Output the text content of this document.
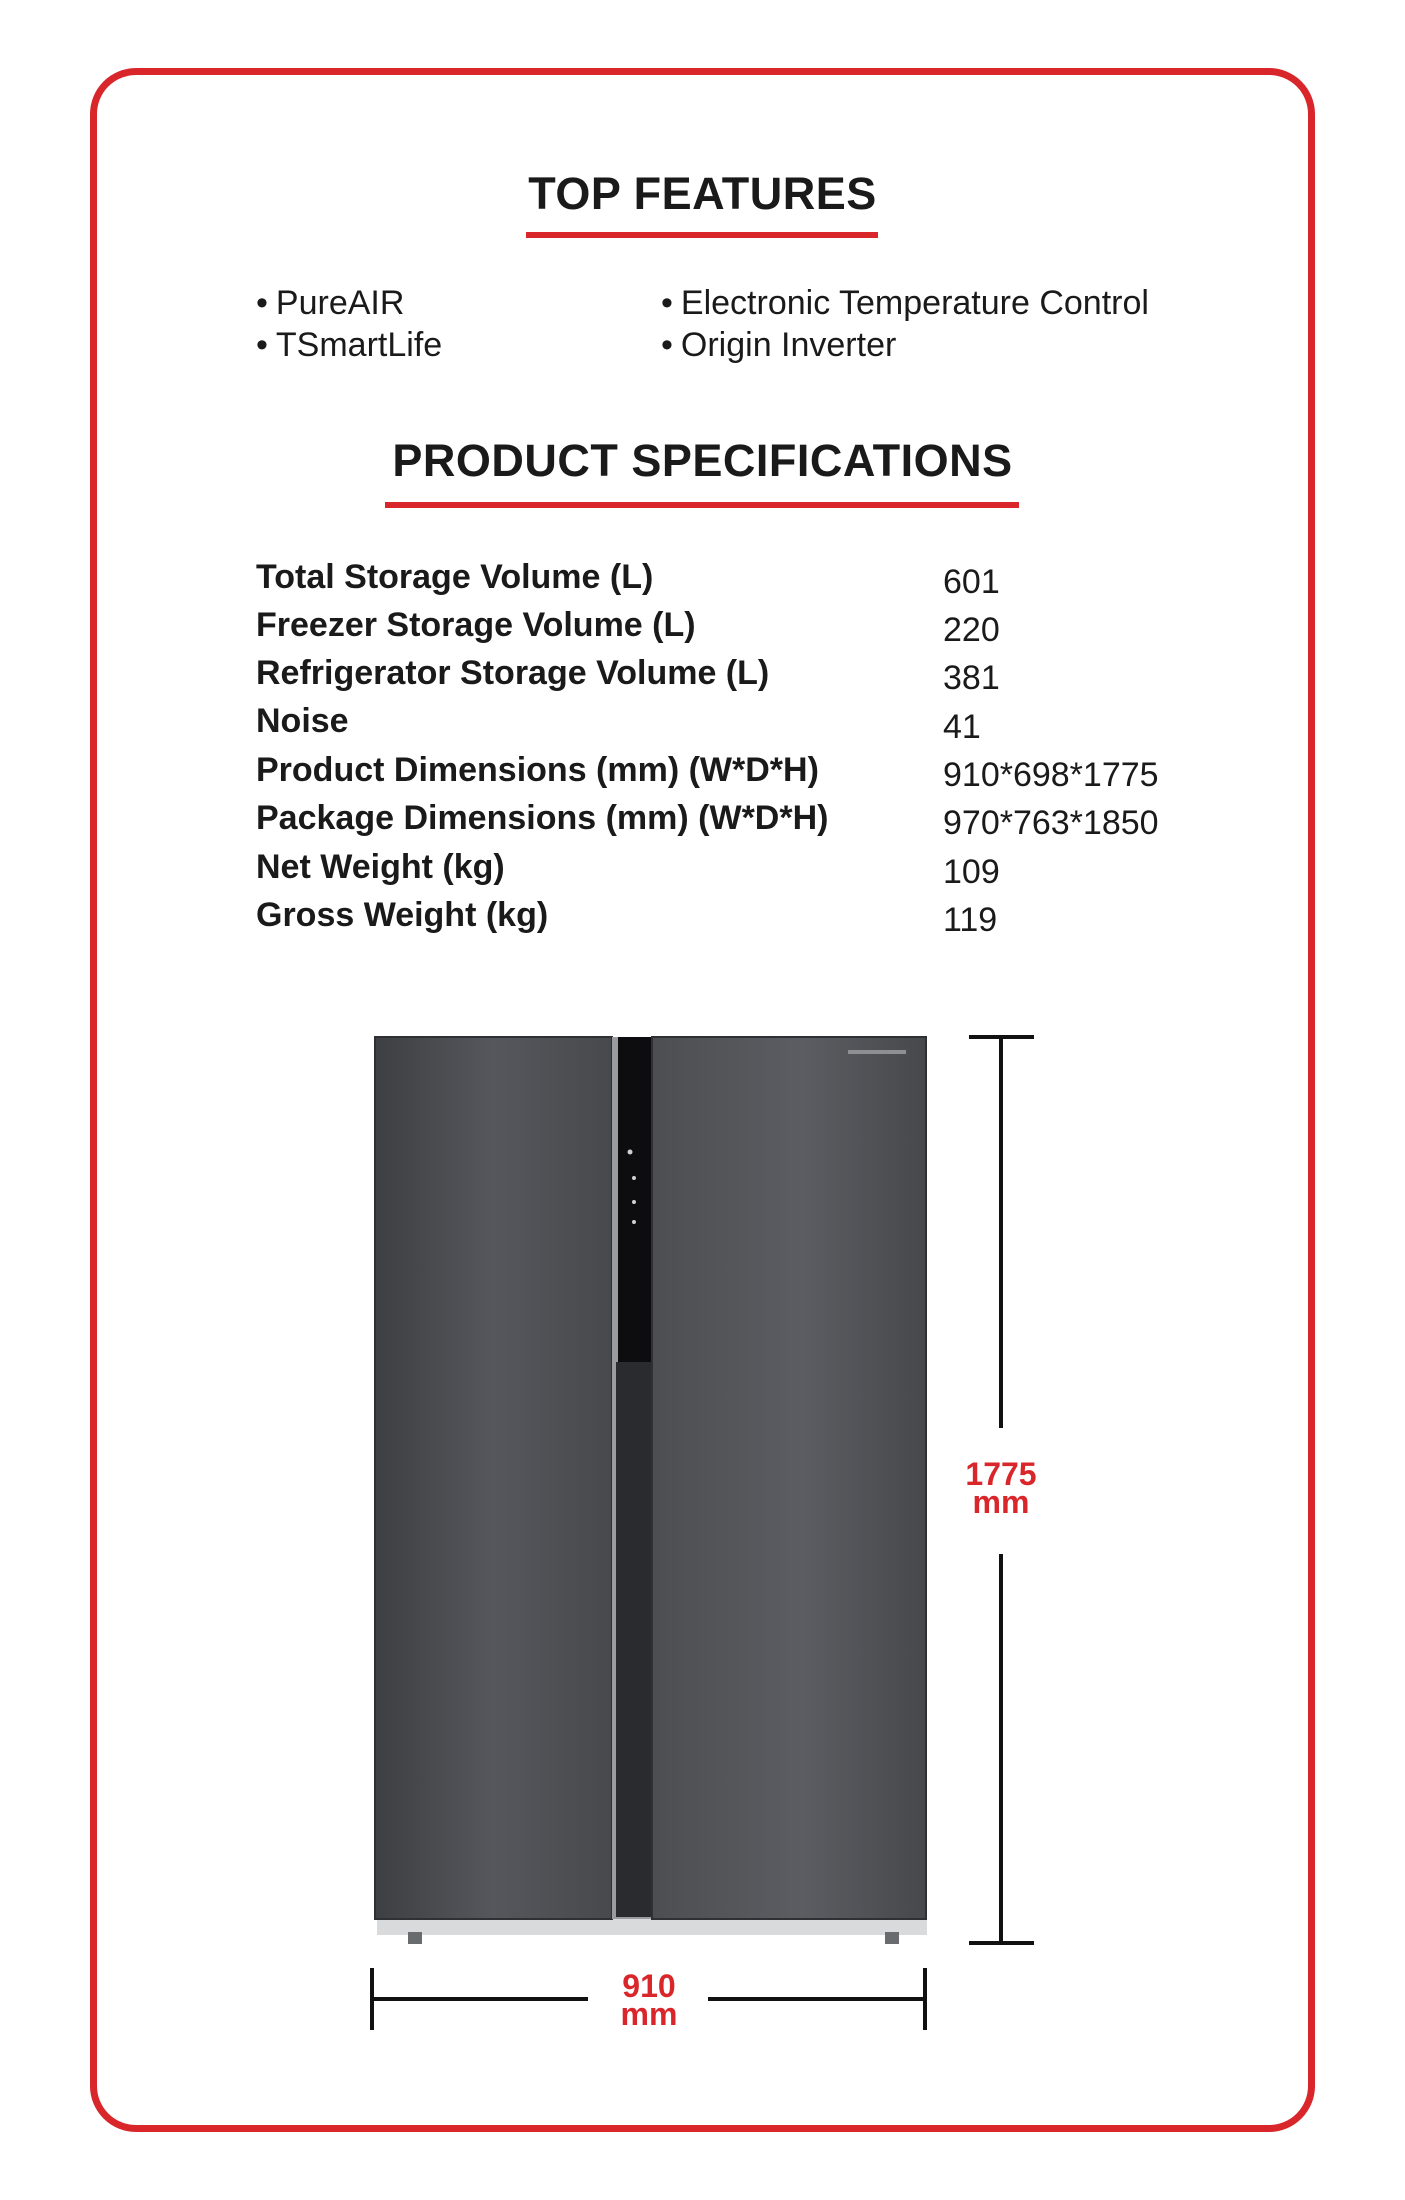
TOP FEATURES
• PureAIR
• TSmartLife
• Electronic Temperature Control
• Origin Inverter
PRODUCT SPECIFICATIONS
Total Storage Volume (L)	601
Freezer Storage Volume (L)	220
Refrigerator Storage Volume (L)	381
Noise	41
Product Dimensions (mm) (W*D*H)	910*698*1775
Package Dimensions (mm) (W*D*H)	970*763*1850
Net Weight (kg)	109
Gross Weight (kg)	119
1775
mm
910
mm
